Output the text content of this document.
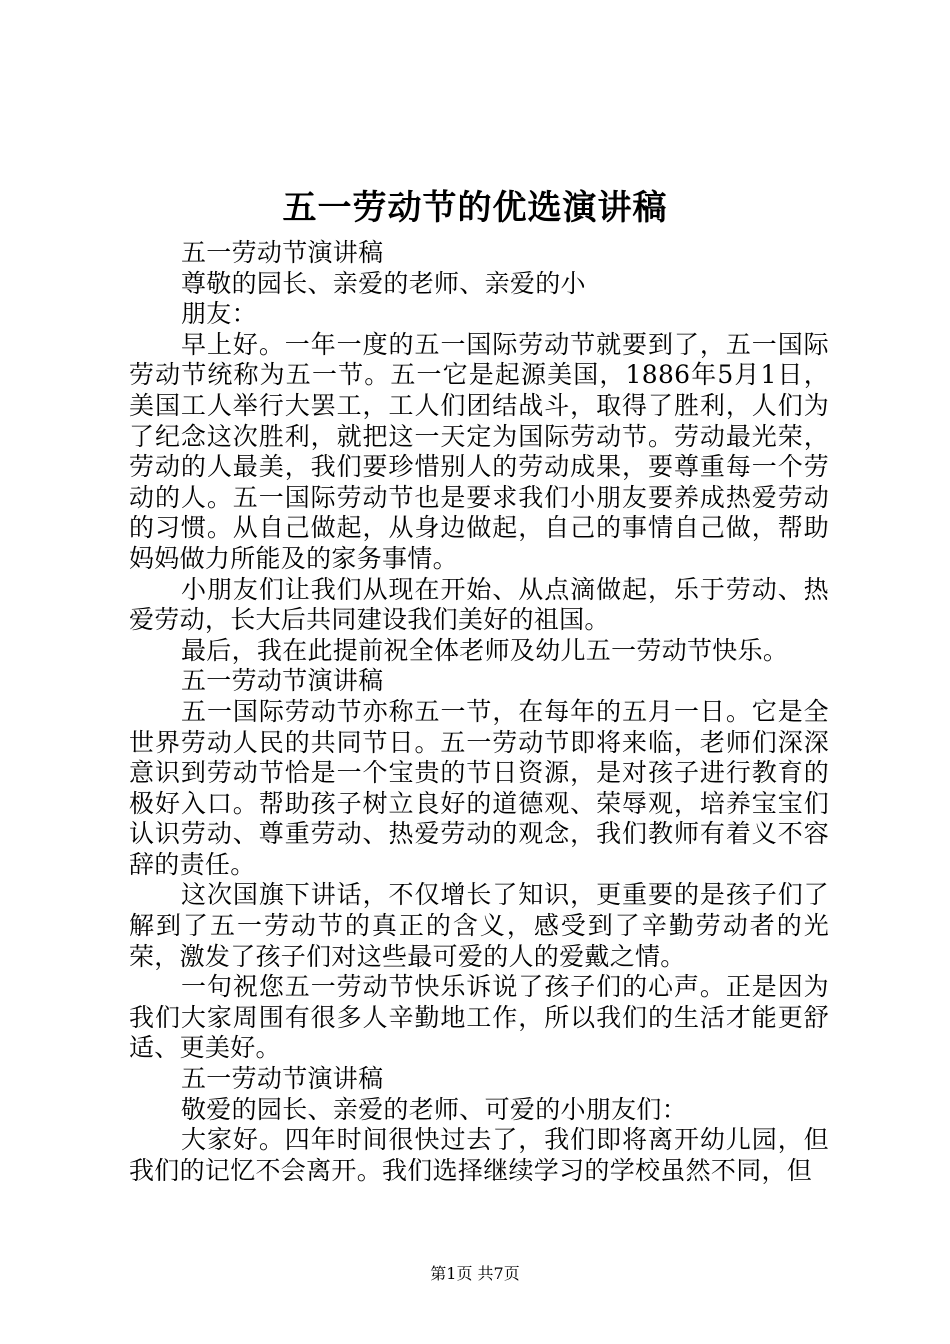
五一劳动节的优选演讲稿

五一劳动节演讲稿

尊敬的园长、亲爱的老师、亲爱的小

朋友：

早上好。一年一度的五一国际劳动节就要到了，五一国际劳动节统称为五一节。五一它是起源美国，1886年5月1日，美国工人举行大罢工，工人们团结战斗，取得了胜利，人们为了纪念这次胜利，就把这一天定为国际劳动节。劳动最光荣，劳动的人最美，我们要珍惜别人的劳动成果，要尊重每一个劳动的人。五一国际劳动节也是要求我们小朋友要养成热爱劳动的习惯。从自己做起，从身边做起，自己的事情自己做，帮助妈妈做力所能及的家务事情。

小朋友们让我们从现在开始、从点滴做起，乐于劳动、热爱劳动，长大后共同建设我们美好的祖国。

最后，我在此提前祝全体老师及幼儿五一劳动节快乐。

五一劳动节演讲稿

五一国际劳动节亦称五一节，在每年的五月一日。它是全世界劳动人民的共同节日。五一劳动节即将来临，老师们深深意识到劳动节恰是一个宝贵的节日资源，是对孩子进行教育的极好入口。帮助孩子树立良好的道德观、荣辱观，培养宝宝们认识劳动、尊重劳动、热爱劳动的观念，我们教师有着义不容辞的责任。

这次国旗下讲话，不仅增长了知识，更重要的是孩子们了解到了五一劳动节的真正的含义，感受到了辛勤劳动者的光荣，激发了孩子们对这些最可爱的人的爱戴之情。

一句祝您五一劳动节快乐诉说了孩子们的心声。正是因为我们大家周围有很多人辛勤地工作，所以我们的生活才能更舒适、更美好。

五一劳动节演讲稿

敬爱的园长、亲爱的老师、可爱的小朋友们：

大家好。四年时间很快过去了，我们即将离开幼儿园，但我们的记忆不会离开。我们选择继续学习的学校虽然不同，但

第1页 共7页
